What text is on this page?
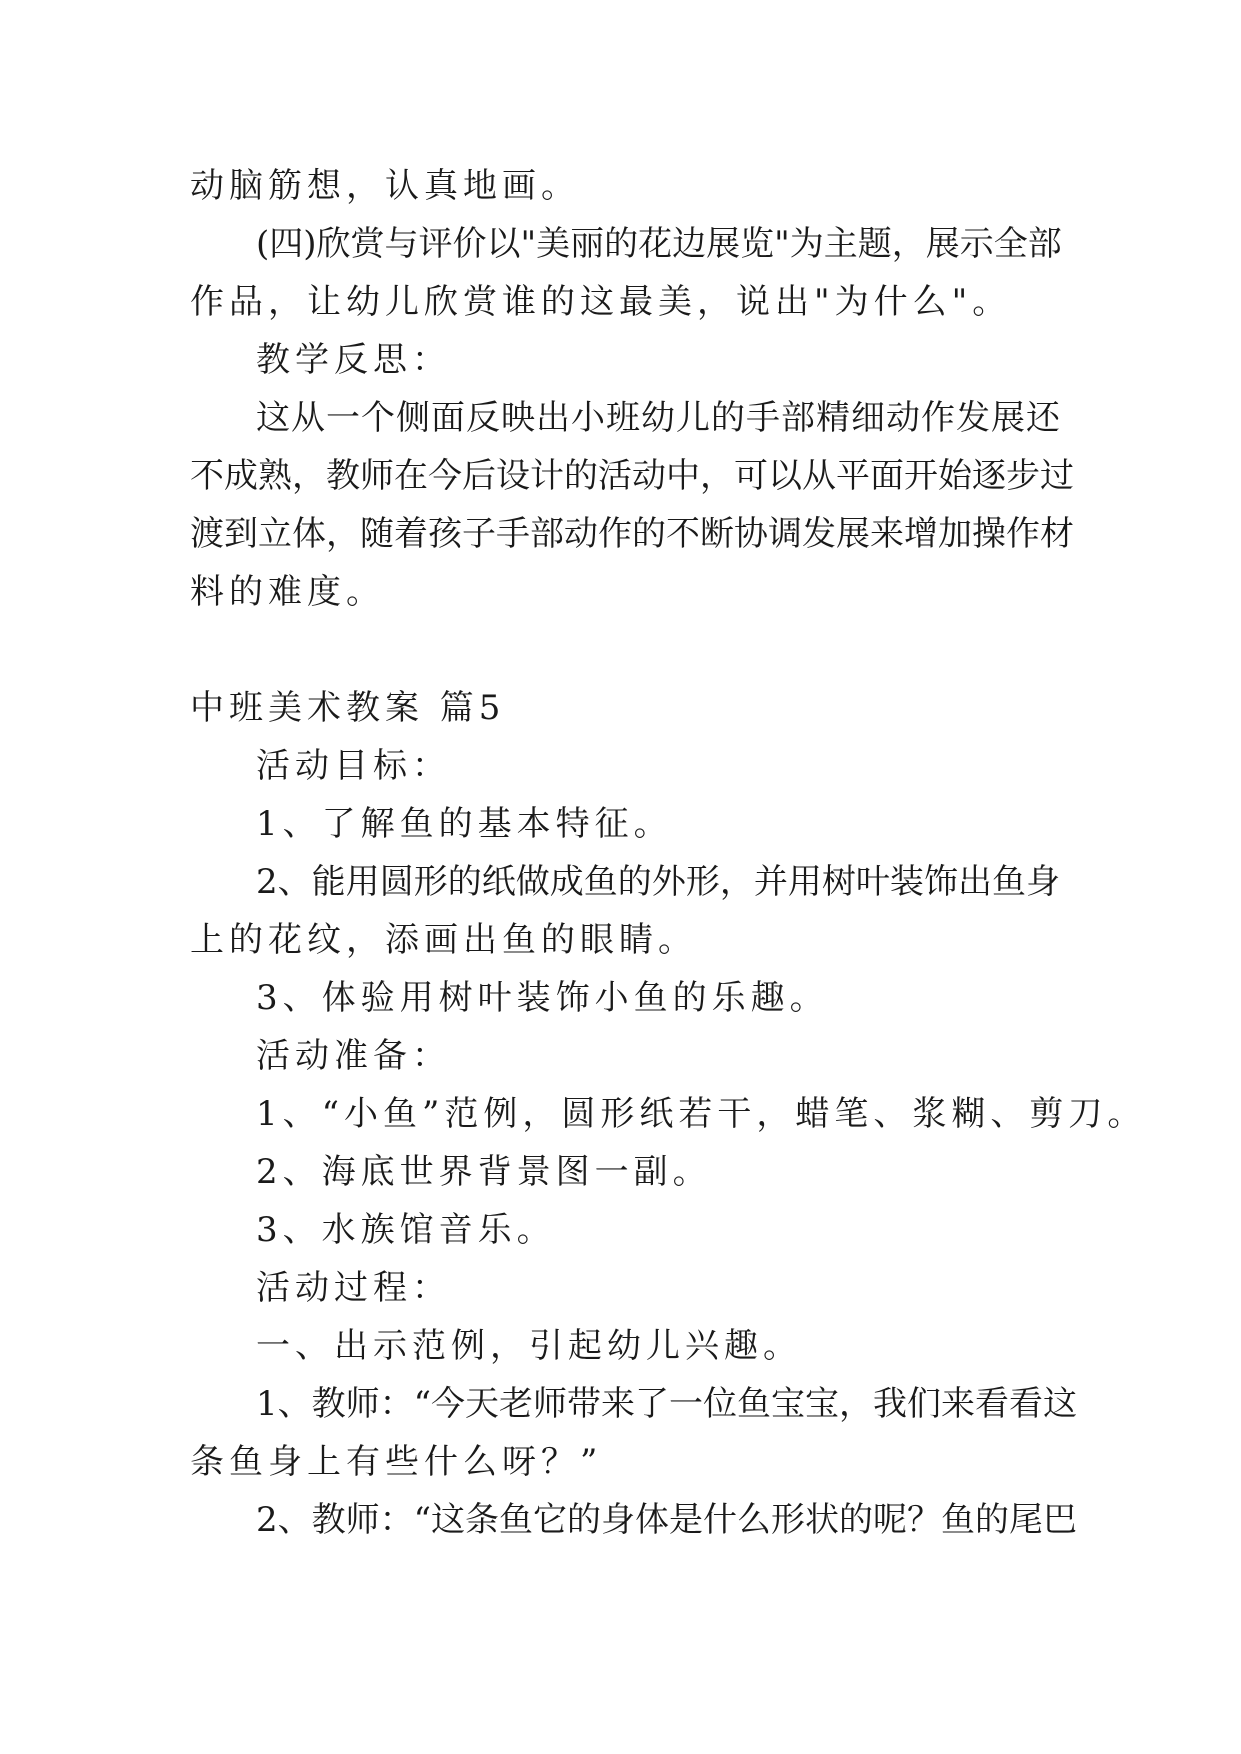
动脑筋想，认真地画。
(四)欣赏与评价以"美丽的花边展览"为主题，展示全部
作品，让幼儿欣赏谁的这最美，说出"为什么"。
教学反思：
这从一个侧面反映出小班幼儿的手部精细动作发展还
不成熟，教师在今后设计的活动中，可以从平面开始逐步过
渡到立体，随着孩子手部动作的不断协调发展来增加操作材
料的难度。
中班美术教案 篇5
活动目标：
1、了解鱼的基本特征。
2、能用圆形的纸做成鱼的外形，并用树叶装饰出鱼身
上的花纹，添画出鱼的眼睛。
3、体验用树叶装饰小鱼的乐趣。
活动准备：
1、“小鱼”范例，圆形纸若干，蜡笔、浆糊、剪刀。
2、海底世界背景图一副。
3、水族馆音乐。
活动过程：
一、出示范例，引起幼儿兴趣。
1、教师：“今天老师带来了一位鱼宝宝，我们来看看这
条鱼身上有些什么呀？”
2、教师：“这条鱼它的身体是什么形状的呢？鱼的尾巴
